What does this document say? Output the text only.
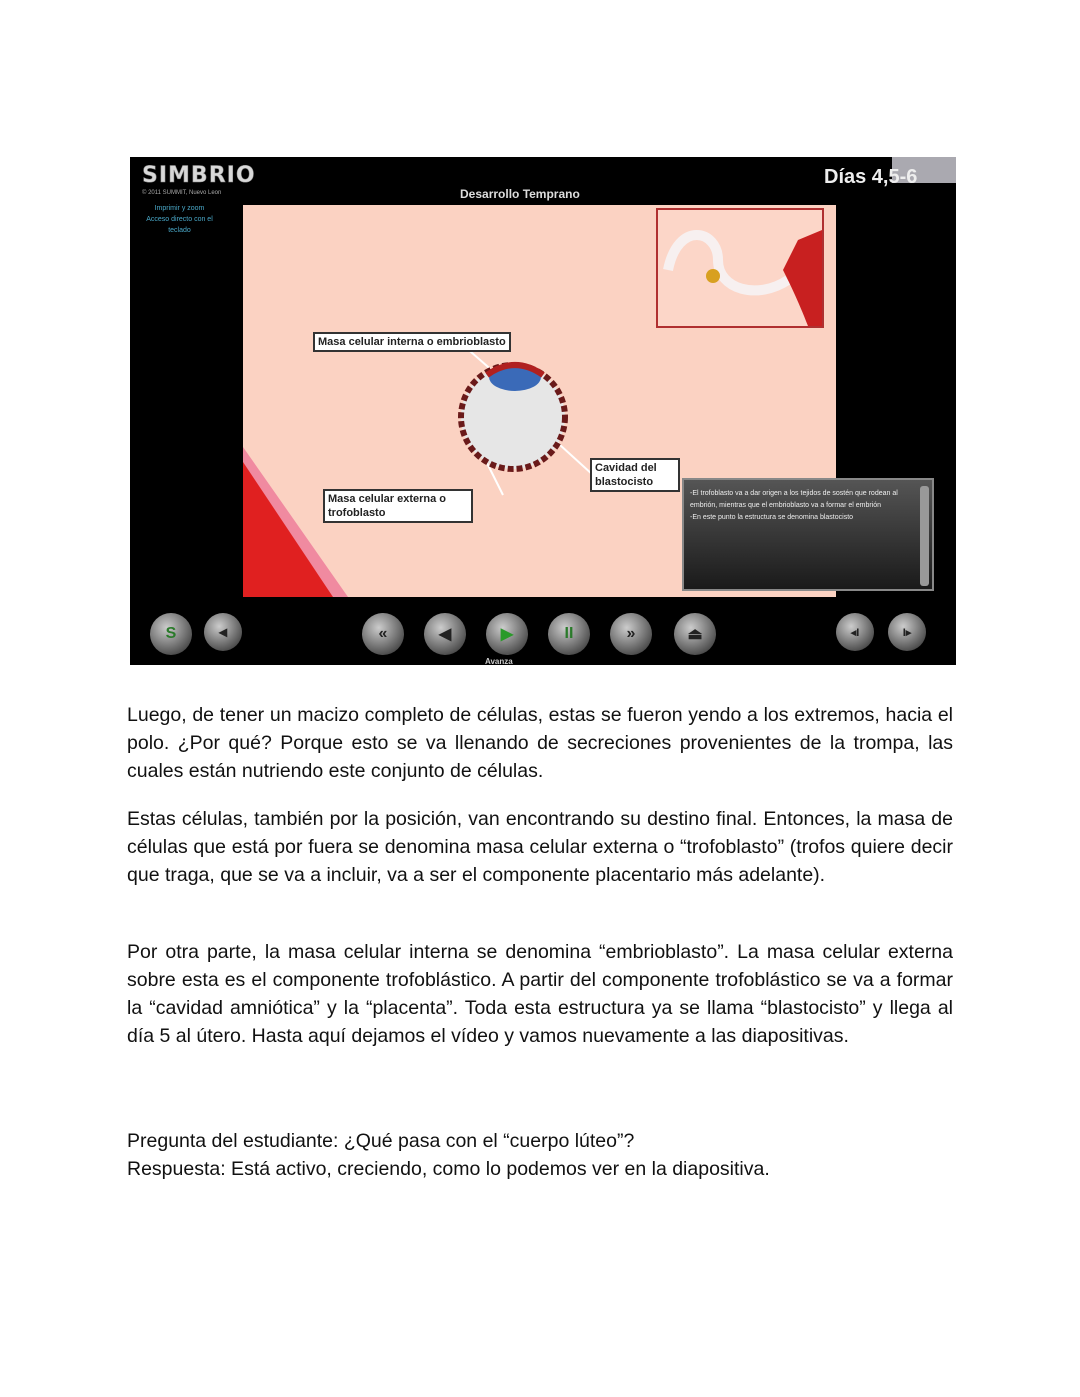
SIMBRIO
© 2011 SUMMIT, Nuevo Leon
Imprimir y zoom
Acceso directo con el teclado
Desarrollo Temprano
Días 4,5-6
Masa celular interna o embrioblasto
Masa celular externa o trofoblasto
Cavidad del blastocisto
-El trofoblasto va a dar origen a los tejidos de sostén que rodean al embrión, mientras que el embrioblasto va a formar el embrión
-En este punto la estructura se denomina blastocisto
S	◂	«	◀	▶	II	»	⏏	◂I	I▸
Avanza

Luego, de tener un macizo completo de células, estas se fueron yendo a los extremos, hacia el polo. ¿Por qué? Porque esto se va llenando de secreciones provenientes de la trompa, las cuales están nutriendo este conjunto de células.

Estas células, también por la posición, van encontrando su destino final. Entonces, la masa de células que está por fuera se denomina masa celular externa o “trofoblasto” (trofos quiere decir que traga, que se va a incluir, va a ser el componente placentario más adelante).

Por otra parte, la masa celular interna se denomina “embrioblasto”. La masa celular externa sobre esta es el componente trofoblástico. A partir del componente trofoblástico se va a formar la “cavidad amniótica” y la “placenta”. Toda esta estructura ya se llama “blastocisto” y llega al día 5 al útero. Hasta aquí dejamos el vídeo y vamos nuevamente a las diapositivas.

Pregunta del estudiante: ¿Qué pasa con el “cuerpo lúteo”?

Respuesta: Está activo, creciendo, como lo podemos ver en la diapositiva.
